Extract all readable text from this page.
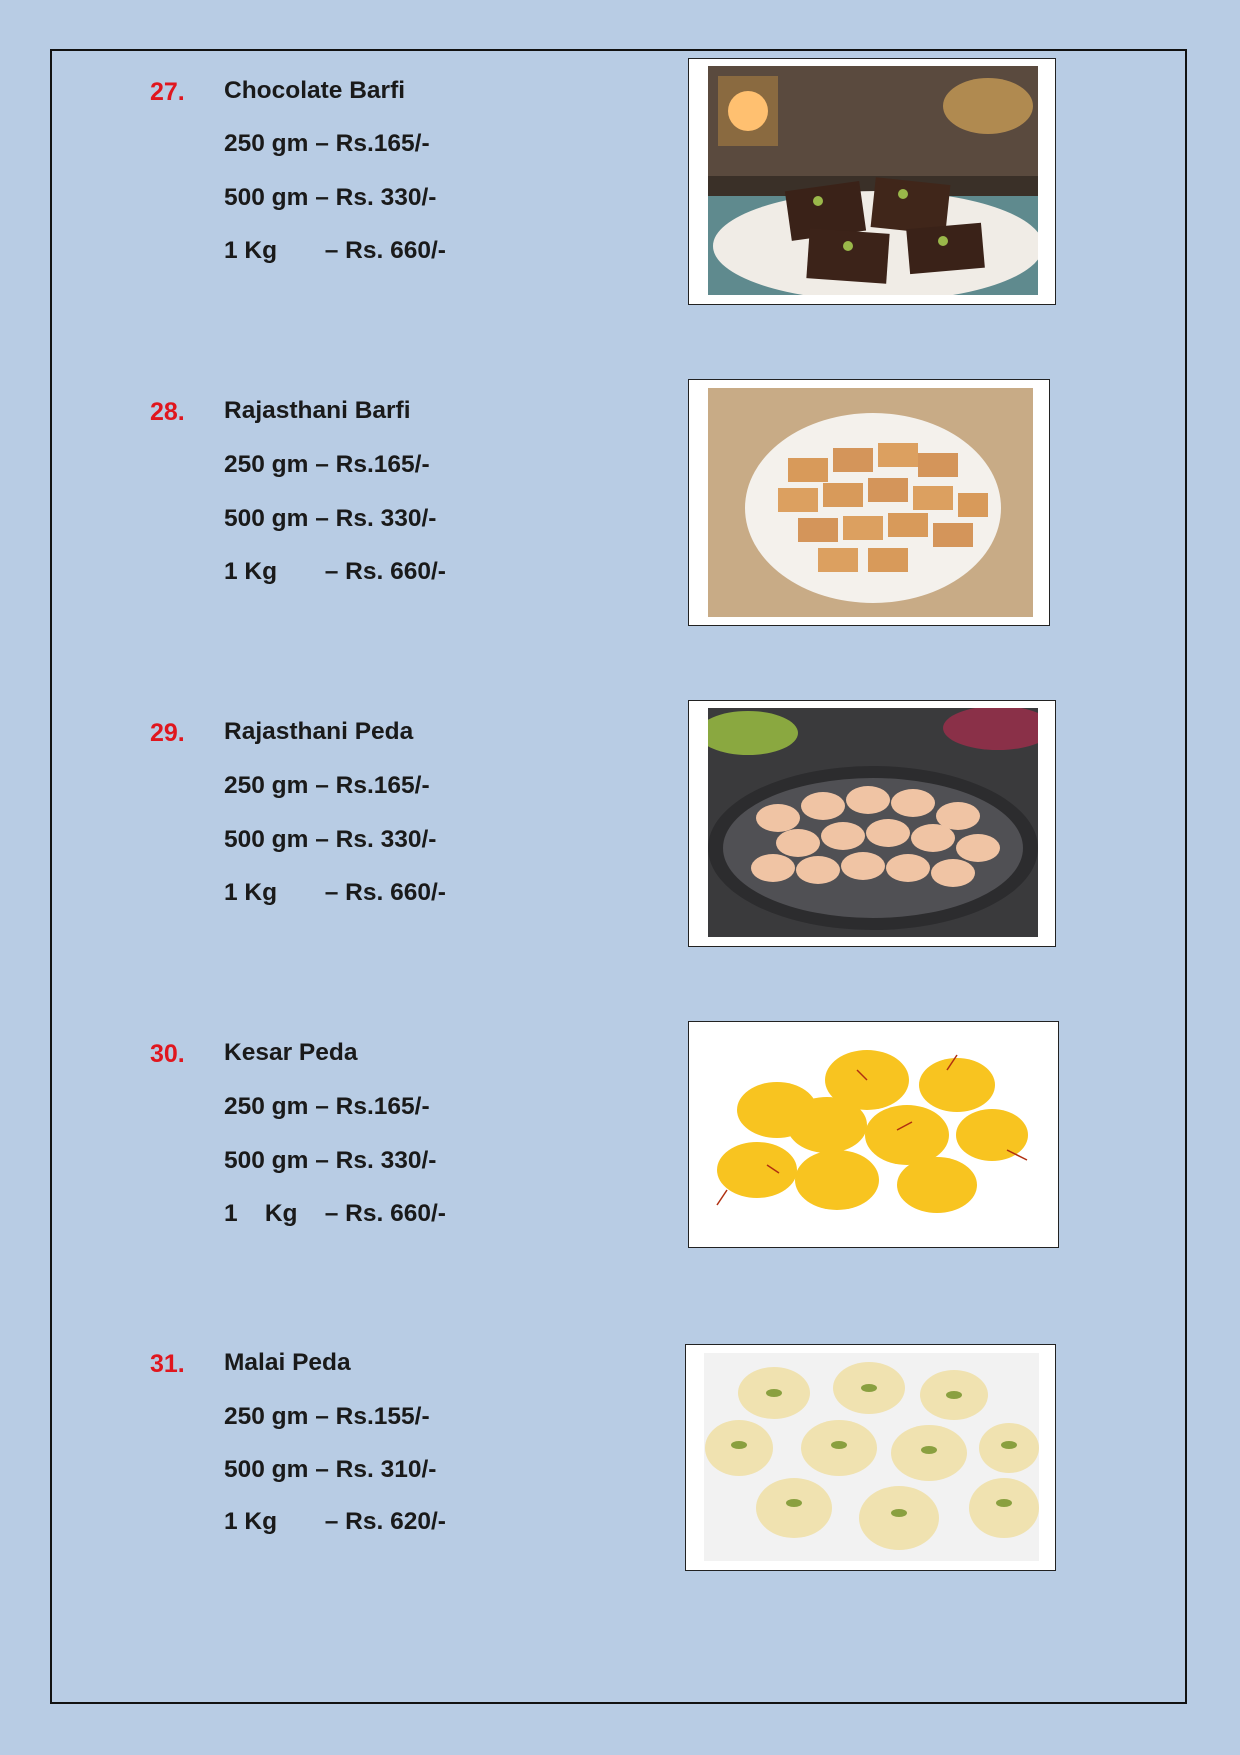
27. Chocolate Barfi
250 gm – Rs.165/-
500 gm – Rs. 330/-
1 Kg       – Rs. 660/-
28. Rajasthani Barfi
250 gm – Rs.165/-
500 gm – Rs. 330/-
1 Kg       – Rs. 660/-
29. Rajasthani Peda
250 gm – Rs.165/-
500 gm – Rs. 330/-
1 Kg       – Rs. 660/-
30. Kesar Peda
250 gm – Rs.165/-
500 gm – Rs. 330/-
1    Kg    – Rs. 660/-
31. Malai Peda
250 gm – Rs.155/-
500 gm – Rs. 310/-
1 Kg       – Rs. 620/-
